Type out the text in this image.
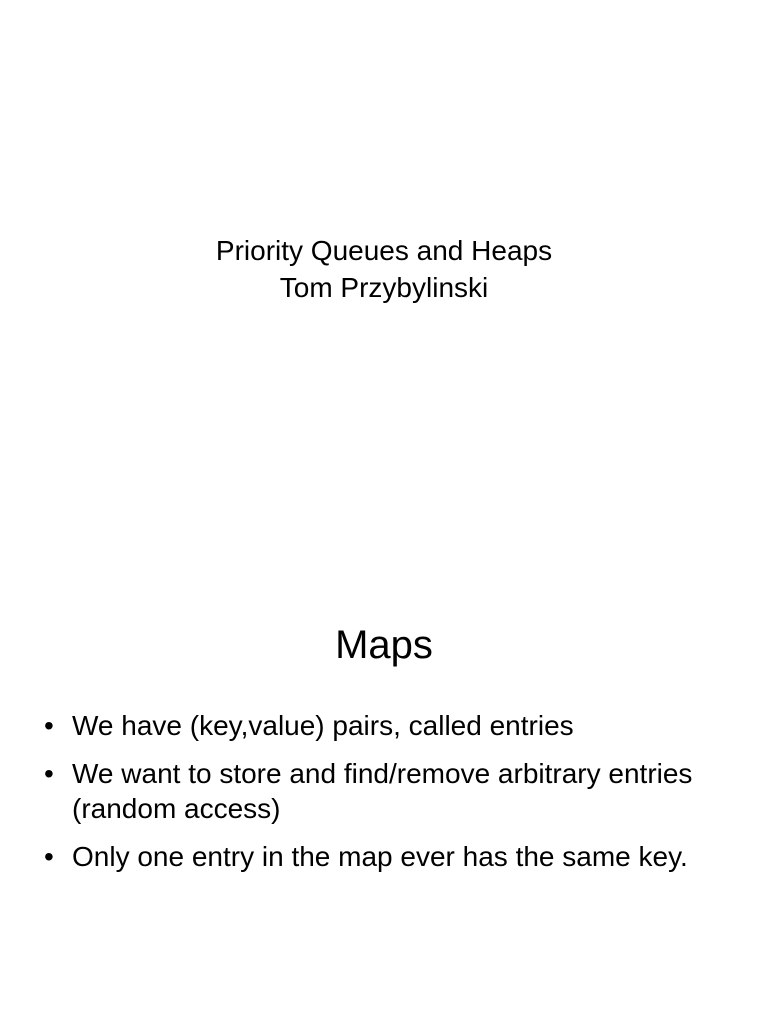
Priority Queues and Heaps
Tom Przybylinski
Maps
• We have (key,value) pairs, called entries
• We want to store and find/remove arbitrary entries (random access)
• Only one entry in the map ever has the same key.
